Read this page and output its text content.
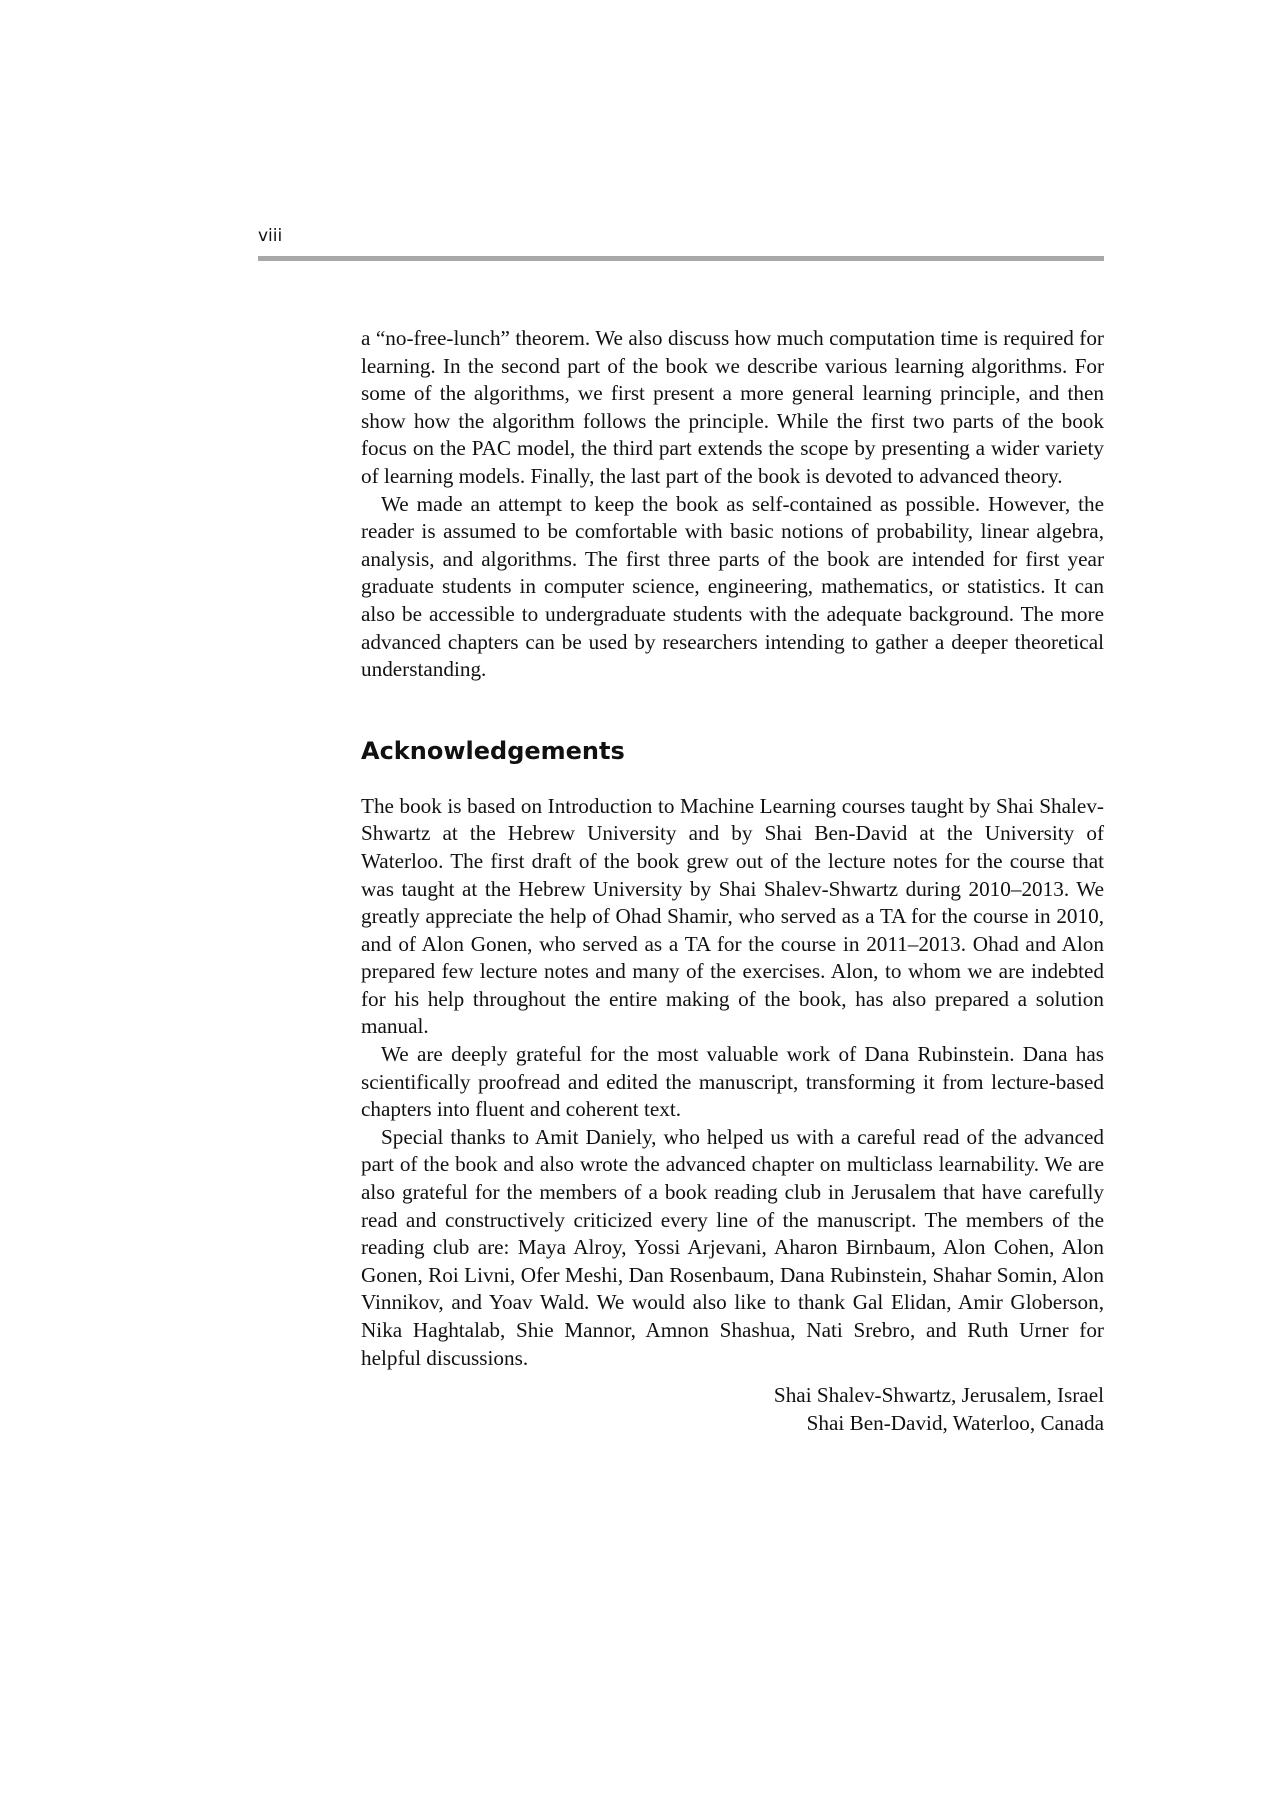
viii

a “no-free-lunch” theorem. We also discuss how much computation time is required for learning. In the second part of the book we describe various learning algorithms. For some of the algorithms, we first present a more general learning principle, and then show how the algorithm follows the principle. While the first two parts of the book focus on the PAC model, the third part extends the scope by presenting a wider variety of learning models. Finally, the last part of the book is devoted to advanced theory.

We made an attempt to keep the book as self-contained as possible. However, the reader is assumed to be comfortable with basic notions of probability, linear algebra, analysis, and algorithms. The first three parts of the book are intended for first year graduate students in computer science, engineering, mathematics, or statistics. It can also be accessible to undergraduate students with the adequate background. The more advanced chapters can be used by researchers intending to gather a deeper theoretical understanding.

Acknowledgements

The book is based on Introduction to Machine Learning courses taught by Shai Shalev-Shwartz at the Hebrew University and by Shai Ben-David at the University of Waterloo. The first draft of the book grew out of the lecture notes for the course that was taught at the Hebrew University by Shai Shalev-Shwartz during 2010–2013. We greatly appreciate the help of Ohad Shamir, who served as a TA for the course in 2010, and of Alon Gonen, who served as a TA for the course in 2011–2013. Ohad and Alon prepared few lecture notes and many of the exercises. Alon, to whom we are indebted for his help throughout the entire making of the book, has also prepared a solution manual.

We are deeply grateful for the most valuable work of Dana Rubinstein. Dana has scientifically proofread and edited the manuscript, transforming it from lecture-based chapters into fluent and coherent text.

Special thanks to Amit Daniely, who helped us with a careful read of the advanced part of the book and also wrote the advanced chapter on multiclass learnability. We are also grateful for the members of a book reading club in Jerusalem that have carefully read and constructively criticized every line of the manuscript. The members of the reading club are: Maya Alroy, Yossi Arjevani, Aharon Birnbaum, Alon Cohen, Alon Gonen, Roi Livni, Ofer Meshi, Dan Rosenbaum, Dana Rubinstein, Shahar Somin, Alon Vinnikov, and Yoav Wald. We would also like to thank Gal Elidan, Amir Globerson, Nika Haghtalab, Shie Mannor, Amnon Shashua, Nati Srebro, and Ruth Urner for helpful discussions.

Shai Shalev-Shwartz, Jerusalem, Israel
Shai Ben-David, Waterloo, Canada
